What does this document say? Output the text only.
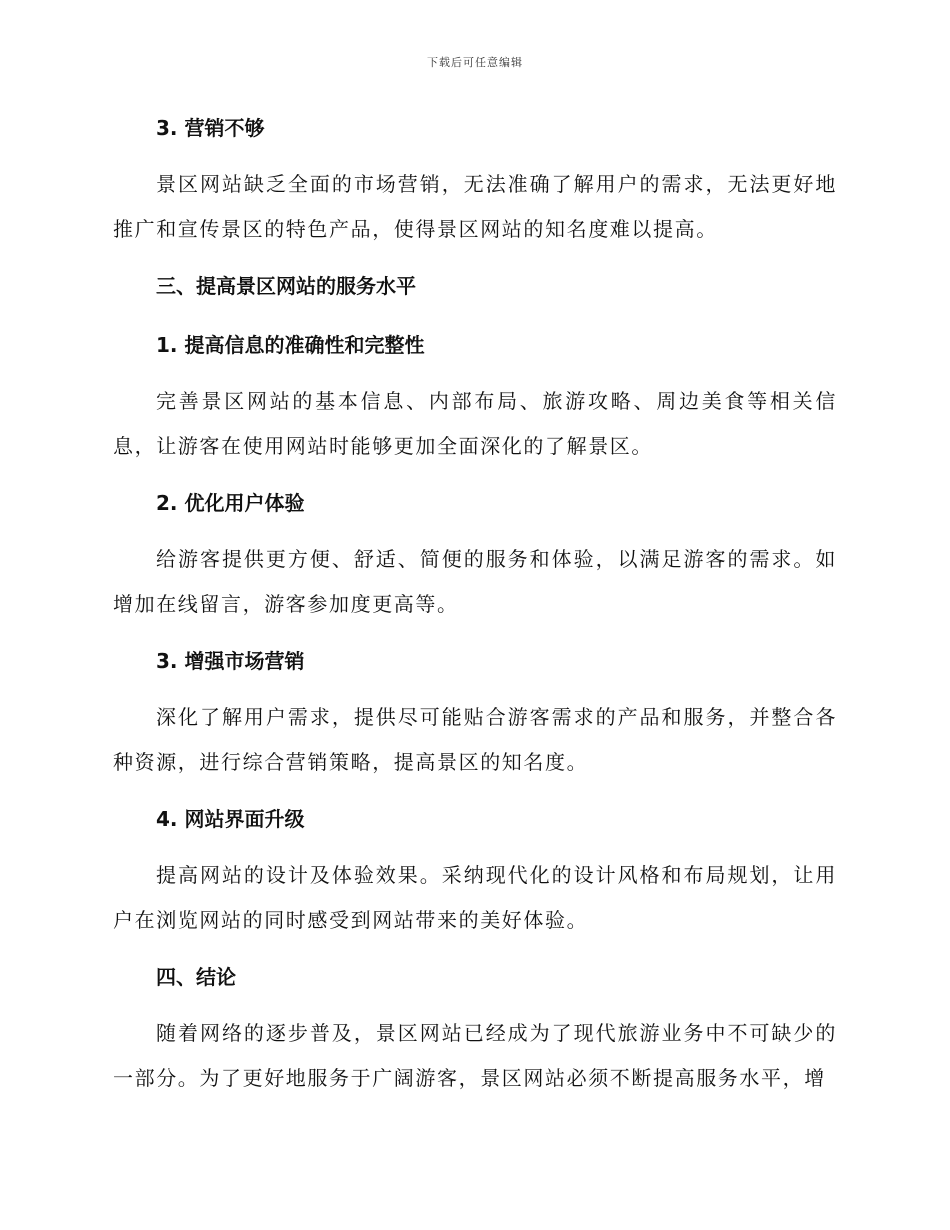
下载后可任意编辑

3. 营销不够

景区网站缺乏全面的市场营销，无法准确了解用户的需求，无法更好地推广和宣传景区的特色产品，使得景区网站的知名度难以提高。

三、提高景区网站的服务水平

1. 提高信息的准确性和完整性

完善景区网站的基本信息、内部布局、旅游攻略、周边美食等相关信息，让游客在使用网站时能够更加全面深化的了解景区。

2. 优化用户体验

给游客提供更方便、舒适、简便的服务和体验，以满足游客的需求。如增加在线留言，游客参加度更高等。

3. 增强市场营销

深化了解用户需求，提供尽可能贴合游客需求的产品和服务，并整合各种资源，进行综合营销策略，提高景区的知名度。

4. 网站界面升级

提高网站的设计及体验效果。采纳现代化的设计风格和布局规划，让用户在浏览网站的同时感受到网站带来的美好体验。

四、结论

随着网络的逐步普及，景区网站已经成为了现代旅游业务中不可缺少的一部分。为了更好地服务于广阔游客，景区网站必须不断提高服务水平，增
